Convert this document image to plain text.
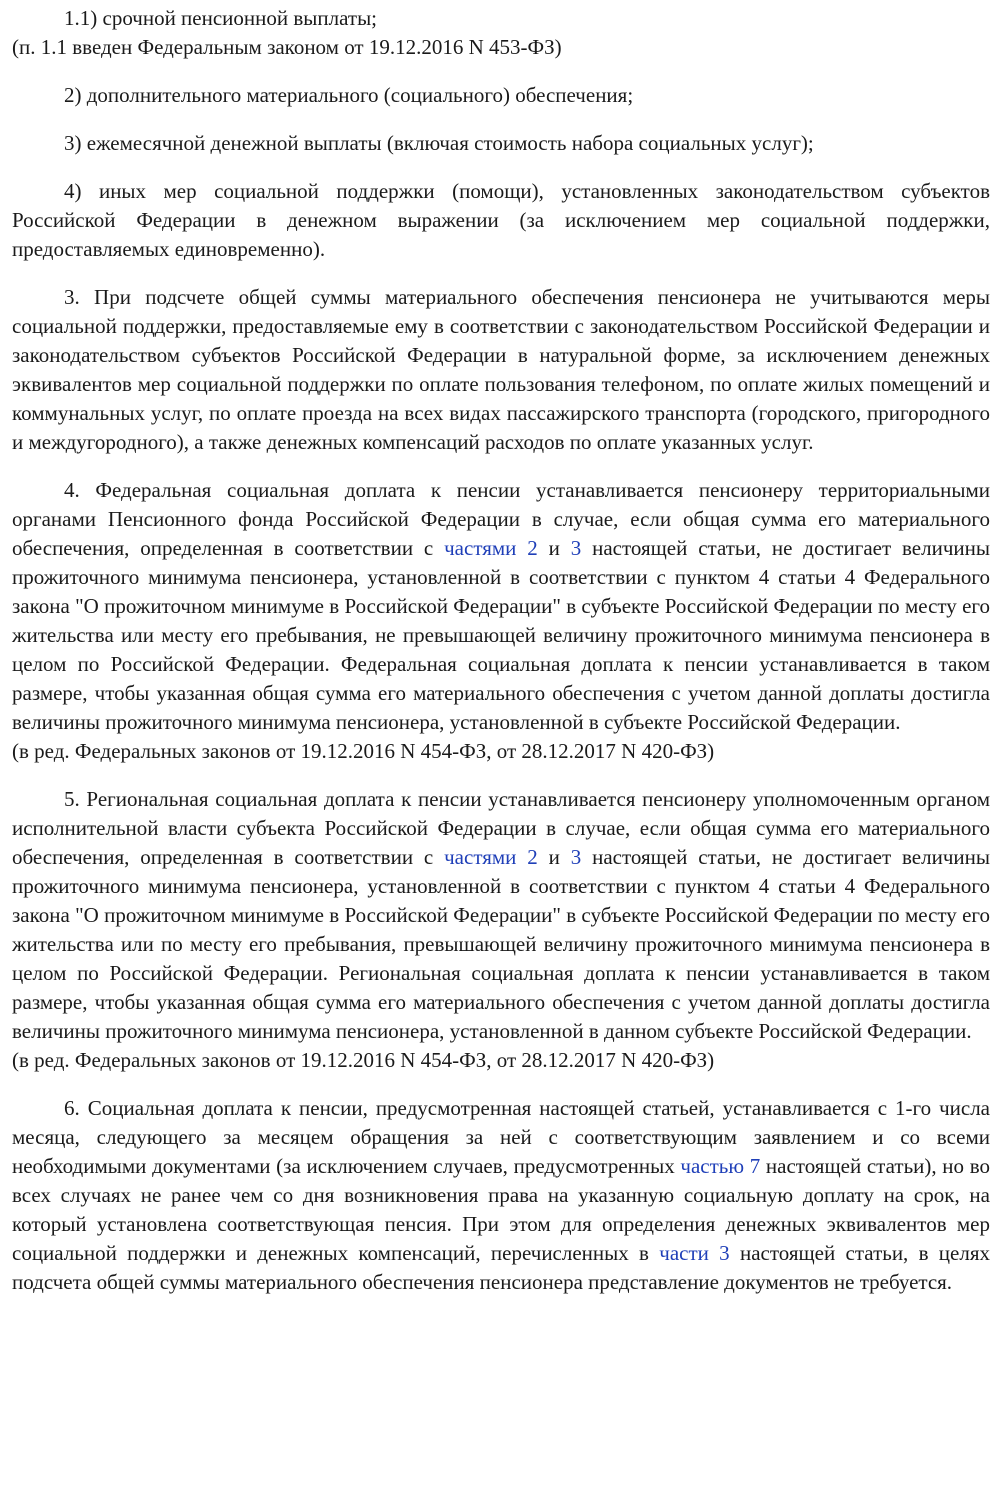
1.1) срочной пенсионной выплаты;

(п. 1.1 введен Федеральным законом от 19.12.2016 N 453-ФЗ)

2) дополнительного материального (социального) обеспечения;

3) ежемесячной денежной выплаты (включая стоимость набора социальных услуг);

4) иных мер социальной поддержки (помощи), установленных законодательством субъектов Российской Федерации в денежном выражении (за исключением мер социальной поддержки, предоставляемых единовременно).

3. При подсчете общей суммы материального обеспечения пенсионера не учитываются меры социальной поддержки, предоставляемые ему в соответствии с законодательством Российской Федерации и законодательством субъектов Российской Федерации в натуральной форме, за исключением денежных эквивалентов мер социальной поддержки по оплате пользования телефоном, по оплате жилых помещений и коммунальных услуг, по оплате проезда на всех видах пассажирского транспорта (городского, пригородного и междугородного), а также денежных компенсаций расходов по оплате указанных услуг.

4. Федеральная социальная доплата к пенсии устанавливается пенсионеру территориальными органами Пенсионного фонда Российской Федерации в случае, если общая сумма его материального обеспечения, определенная в соответствии с частями 2 и 3 настоящей статьи, не достигает величины прожиточного минимума пенсионера, установленной в соответствии с пунктом 4 статьи 4 Федерального закона "О прожиточном минимуме в Российской Федерации" в субъекте Российской Федерации по месту его жительства или месту его пребывания, не превышающей величину прожиточного минимума пенсионера в целом по Российской Федерации. Федеральная социальная доплата к пенсии устанавливается в таком размере, чтобы указанная общая сумма его материального обеспечения с учетом данной доплаты достигла величины прожиточного минимума пенсионера, установленной в субъекте Российской Федерации.

(в ред. Федеральных законов от 19.12.2016 N 454-ФЗ, от 28.12.2017 N 420-ФЗ)

5. Региональная социальная доплата к пенсии устанавливается пенсионеру уполномоченным органом исполнительной власти субъекта Российской Федерации в случае, если общая сумма его материального обеспечения, определенная в соответствии с частями 2 и 3 настоящей статьи, не достигает величины прожиточного минимума пенсионера, установленной в соответствии с пунктом 4 статьи 4 Федерального закона "О прожиточном минимуме в Российской Федерации" в субъекте Российской Федерации по месту его жительства или по месту его пребывания, превышающей величину прожиточного минимума пенсионера в целом по Российской Федерации. Региональная социальная доплата к пенсии устанавливается в таком размере, чтобы указанная общая сумма его материального обеспечения с учетом данной доплаты достигла величины прожиточного минимума пенсионера, установленной в данном субъекте Российской Федерации.

(в ред. Федеральных законов от 19.12.2016 N 454-ФЗ, от 28.12.2017 N 420-ФЗ)

6. Социальная доплата к пенсии, предусмотренная настоящей статьей, устанавливается с 1-го числа месяца, следующего за месяцем обращения за ней с соответствующим заявлением и со всеми необходимыми документами (за исключением случаев, предусмотренных частью 7 настоящей статьи), но во всех случаях не ранее чем со дня возникновения права на указанную социальную доплату на срок, на который установлена соответствующая пенсия. При этом для определения денежных эквивалентов мер социальной поддержки и денежных компенсаций, перечисленных в части 3 настоящей статьи, в целях подсчета общей суммы материального обеспечения пенсионера представление документов не требуется.
